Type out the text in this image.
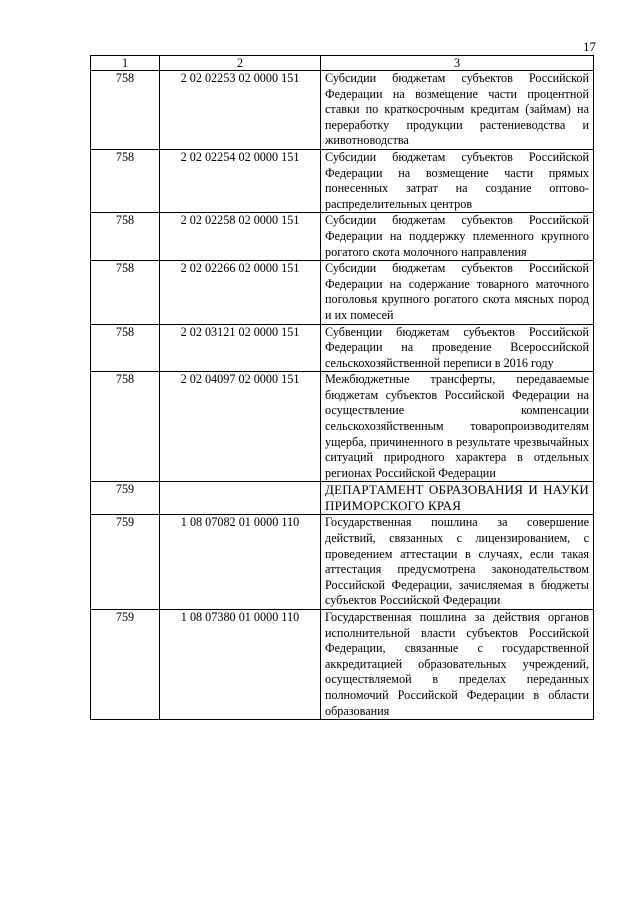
17
1	2	3
758	2 02 02253 02 0000 151	Субсидии бюджетам субъектов Российской Федерации на возмещение части процентной ставки по краткосрочным кредитам (займам) на переработку продукции растениеводства и животноводства
758	2 02 02254 02 0000 151	Субсидии бюджетам субъектов Российской Федерации на возмещение части прямых понесенных затрат на создание оптово-распределительных центров
758	2 02 02258 02 0000 151	Субсидии бюджетам субъектов Российской Федерации на поддержку племенного крупного рогатого скота молочного направления
758	2 02 02266 02 0000 151	Субсидии бюджетам субъектов Российской Федерации на содержание товарного маточного поголовья крупного рогатого скота мясных пород и их помесей
758	2 02 03121 02 0000 151	Субвенции бюджетам субъектов Российской Федерации на проведение Всероссийской сельскохозяйственной переписи в 2016 году
758	2 02 04097 02 0000 151	Межбюджетные трансферты, передаваемые бюджетам субъектов Российской Федерации на осуществление компенсации сельскохозяйственным товаропроизводителям ущерба, причиненного в результате чрезвычайных ситуаций природного характера в отдельных регионах Российской Федерации
759		ДЕПАРТАМЕНТ ОБРАЗОВАНИЯ И НАУКИ ПРИМОРСКОГО КРАЯ
759	1 08 07082 01 0000 110	Государственная пошлина за совершение действий, связанных с лицензированием, с проведением аттестации в случаях, если такая аттестация предусмотрена законодательством Российской Федерации, зачисляемая в бюджеты субъектов Российской Федерации
759	1 08 07380 01 0000 110	Государственная пошлина за действия органов исполнительной власти субъектов Российской Федерации, связанные с государственной аккредитацией образовательных учреждений, осуществляемой в пределах переданных полномочий Российской Федерации в области образования
